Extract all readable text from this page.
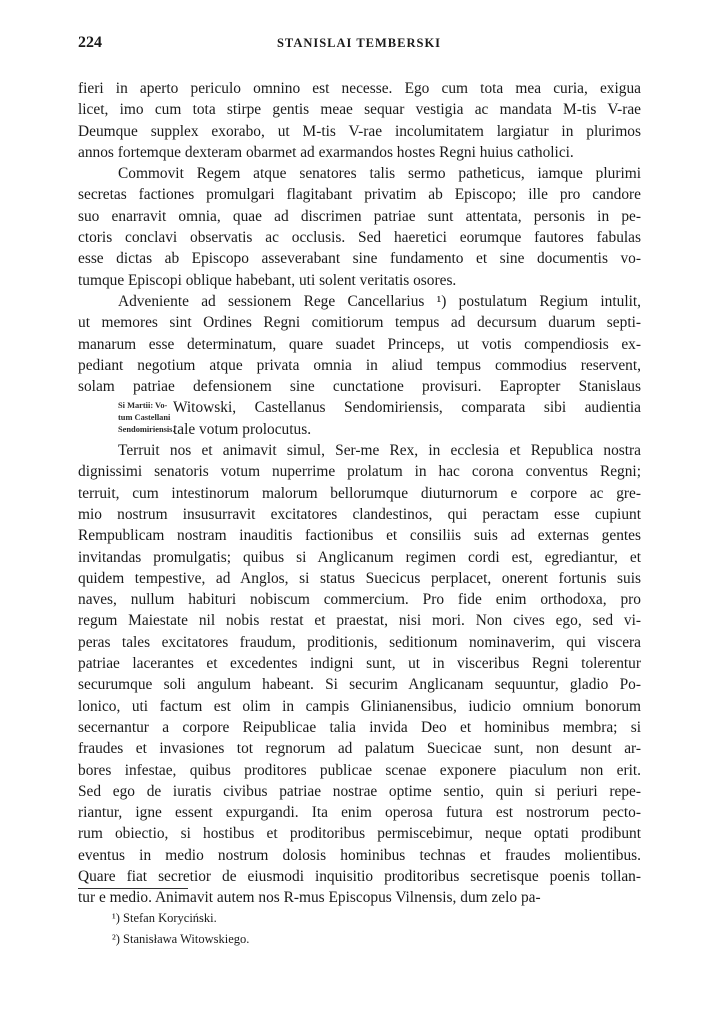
224	STANISLAI TEMBERSKI

fieri in aperto periculo omnino est necesse. Ego cum tota mea curia, exigua
licet, imo cum tota stirpe gentis meae sequar vestigia ac mandata M-tis V-rae
Deumque supplex exorabo, ut M-tis V-rae incolumitatem largiatur in plurimos
annos fortemque dexteram obarmet ad exarmandos hostes Regni huius catholici.

Commovit Regem atque senatores talis sermo patheticus, iamque plurimi
secretas factiones promulgari flagitabant privatim ab Episcopo; ille pro candore
suo enarravit omnia, quae ad discrimen patriae sunt attentata, personis in pe-
ctoris conclavi observatis ac occlusis. Sed haeretici eorumque fautores fabulas
esse dictas ab Episcopo asseverabant sine fundamento et sine documentis vo-
tumque Episcopi oblique habebant, uti solent veritatis osores.

Adveniente ad sessionem Rege Cancellarius ¹) postulatum Regium intulit,
ut memores sint Ordines Regni comitiorum tempus ad decursum duarum septi-
manarum esse determinatum, quare suadet Princeps, ut votis compendiosis ex-
pediant negotium atque privata omnia in aliud tempus commodius reservent,
solam patriae defensionem sine cunctatione provisuri. Eapropter Stanislaus
Witowski, Castellanus Sendomiriensis, comparata sibi audientia
tale votum prolocutus.
Si Martii: Vo-
tum Castellani
Sendomiriensis.

Terruit nos et animavit simul, Ser-me Rex, in ecclesia et Republica nostra
dignissimi senatoris votum nuperrime prolatum in hac corona conventus Regni;
terruit, cum intestinorum malorum bellorumque diuturnorum e corpore ac gre-
mio nostrum insusurravit excitatores clandestinos, qui peractam esse cupiunt
Rempublicam nostram inauditis factionibus et consiliis suis ad externas gentes
invitandas promulgatis; quibus si Anglicanum regimen cordi est, egrediantur, et
quidem tempestive, ad Anglos, si status Suecicus perplacet, onerent fortunis suis
naves, nullum habituri nobiscum commercium. Pro fide enim orthodoxa, pro
regum Maiestate nil nobis restat et praestat, nisi mori. Non cives ego, sed vi-
peras tales excitatores fraudum, proditionis, seditionum nominaverim, qui viscera
patriae lacerantes et excedentes indigni sunt, ut in visceribus Regni tolerentur
securumque soli angulum habeant. Si securim Anglicanam sequuntur, gladio Po-
lonico, uti factum est olim in campis Glinianensibus, iudicio omnium bonorum
secernantur a corpore Reipublicae talia invida Deo et hominibus membra; si
fraudes et invasiones tot regnorum ad palatum Suecicae sunt, non desunt ar-
bores infestae, quibus proditores publicae scenae exponere piaculum non erit.
Sed ego de iuratis civibus patriae nostrae optime sentio, quin si periuri repe-
riantur, igne essent expurgandi. Ita enim operosa futura est nostrorum pecto-
rum obiectio, si hostibus et proditoribus permiscebimur, neque optati prodibunt
eventus in medio nostrum dolosis hominibus technas et fraudes molientibus.
Quare fiat secretior de eiusmodi inquisitio proditoribus secretisque poenis tollan-
tur e medio. Animavit autem nos R-mus Episcopus Vilnensis, dum zelo pa-

¹) Stefan Koryciński.
²) Stanisława Witowskiego.
